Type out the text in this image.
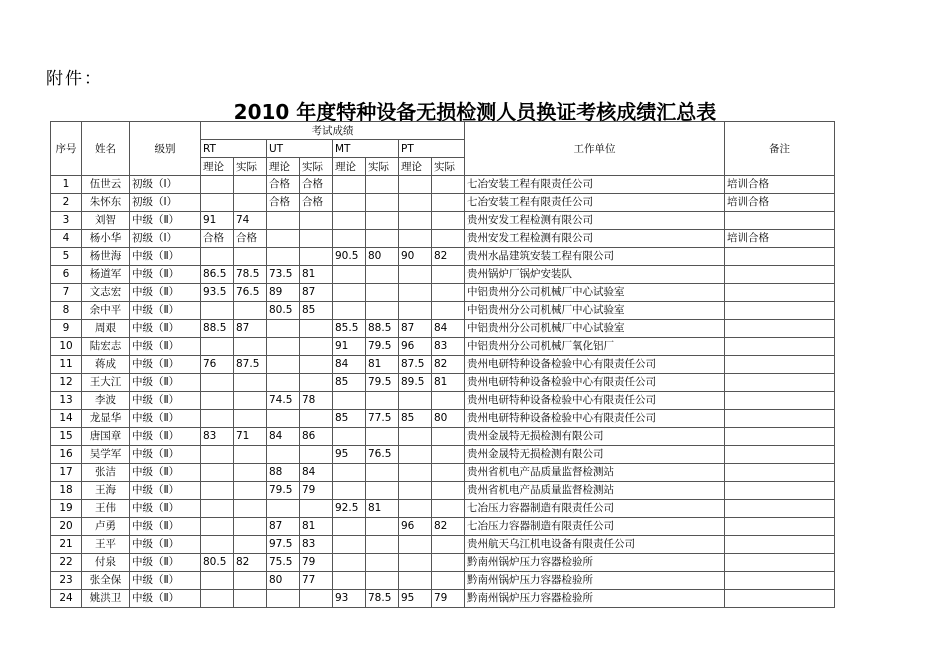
附件：
2010 年度特种设备无损检测人员换证考核成绩汇总表
序号	姓名	级别	考试成绩								工作单位	备注
			RT		UT		MT		PT			
			理论	实际	理论	实际	理论	实际	理论	实际		
1	伍世云	初级（Ⅰ）			合格	合格					七冶安装工程有限责任公司	培训合格
2	朱怀东	初级（Ⅰ）			合格	合格					七冶安装工程有限责任公司	培训合格
3	刘智	中级（Ⅱ）	91	74							贵州安发工程检测有限公司	
4	杨小华	初级（Ⅰ）	合格	合格							贵州安发工程检测有限公司	培训合格
5	杨世海	中级（Ⅱ）					90.5	80	90	82	贵州水晶建筑安装工程有限公司	
6	杨道军	中级（Ⅱ）	86.5	78.5	73.5	81					贵州锅炉厂锅炉安装队	
7	文志宏	中级（Ⅱ）	93.5	76.5	89	87					中铝贵州分公司机械厂中心试验室	
8	余中平	中级（Ⅱ）			80.5	85					中铝贵州分公司机械厂中心试验室	
9	周艰	中级（Ⅱ）	88.5	87			85.5	88.5	87	84	中铝贵州分公司机械厂中心试验室	
10	陆宏志	中级（Ⅱ）					91	79.5	96	83	中铝贵州分公司机械厂氧化铝厂	
11	蒋成	中级（Ⅱ）	76	87.5			84	81	87.5	82	贵州电研特种设备检验中心有限责任公司	
12	王大江	中级（Ⅱ）					85	79.5	89.5	81	贵州电研特种设备检验中心有限责任公司	
13	李波	中级（Ⅱ）			74.5	78					贵州电研特种设备检验中心有限责任公司	
14	龙显华	中级（Ⅱ）					85	77.5	85	80	贵州电研特种设备检验中心有限责任公司	
15	唐国章	中级（Ⅱ）	83	71	84	86					贵州金晟特无损检测有限公司	
16	吴学军	中级（Ⅱ）					95	76.5			贵州金晟特无损检测有限公司	
17	张洁	中级（Ⅱ）			88	84					贵州省机电产品质量监督检测站	
18	王海	中级（Ⅱ）			79.5	79					贵州省机电产品质量监督检测站	
19	王伟	中级（Ⅱ）					92.5	81			七冶压力容器制造有限责任公司	
20	卢勇	中级（Ⅱ）			87	81			96	82	七冶压力容器制造有限责任公司	
21	王平	中级（Ⅱ）			97.5	83					贵州航天乌江机电设备有限责任公司	
22	付泉	中级（Ⅱ）	80.5	82	75.5	79					黔南州锅炉压力容器检验所	
23	张全保	中级（Ⅱ）			80	77					黔南州锅炉压力容器检验所	
24	姚洪卫	中级（Ⅱ）					93	78.5	95	79	黔南州锅炉压力容器检验所	
